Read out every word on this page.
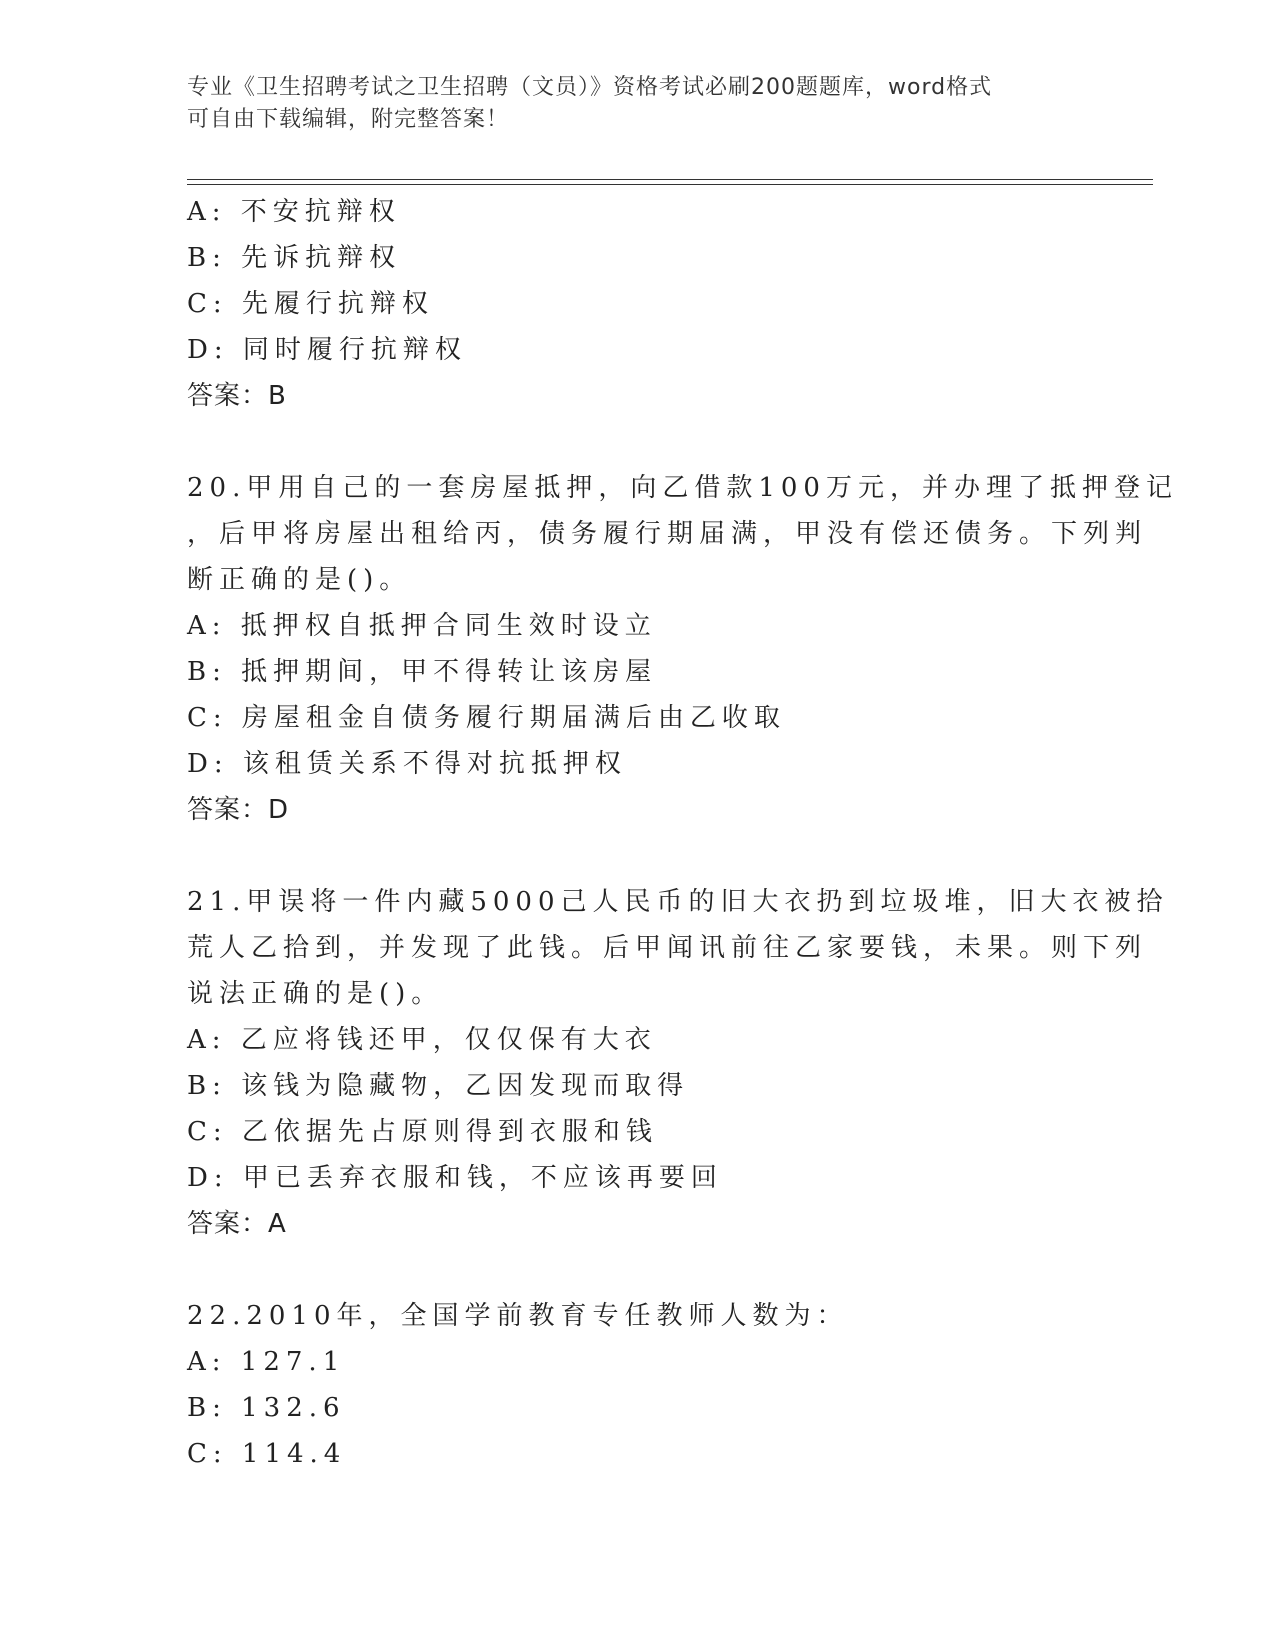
专业《卫生招聘考试之卫生招聘（文员）》资格考试必刷200题题库，word格式
可自由下载编辑，附完整答案！
A: 不安抗辩权
B: 先诉抗辩权
C: 先履行抗辩权
D: 同时履行抗辩权
答案：B
20.甲用自己的一套房屋抵押，向乙借款100万元，并办理了抵押登记
，后甲将房屋出租给丙，债务履行期届满，甲没有偿还债务。下列判
断正确的是()。
A: 抵押权自抵押合同生效时设立
B: 抵押期间，甲不得转让该房屋
C: 房屋租金自债务履行期届满后由乙收取
D: 该租赁关系不得对抗抵押权
答案：D
21.甲误将一件内藏5000己人民币的旧大衣扔到垃圾堆，旧大衣被拾
荒人乙拾到，并发现了此钱。后甲闻讯前往乙家要钱，未果。则下列
说法正确的是()。
A: 乙应将钱还甲，仅仅保有大衣
B: 该钱为隐藏物，乙因发现而取得
C: 乙依据先占原则得到衣服和钱
D: 甲已丢弃衣服和钱，不应该再要回
答案：A
22.2010年，全国学前教育专任教师人数为：
A: 127.1
B: 132.6
C: 114.4
